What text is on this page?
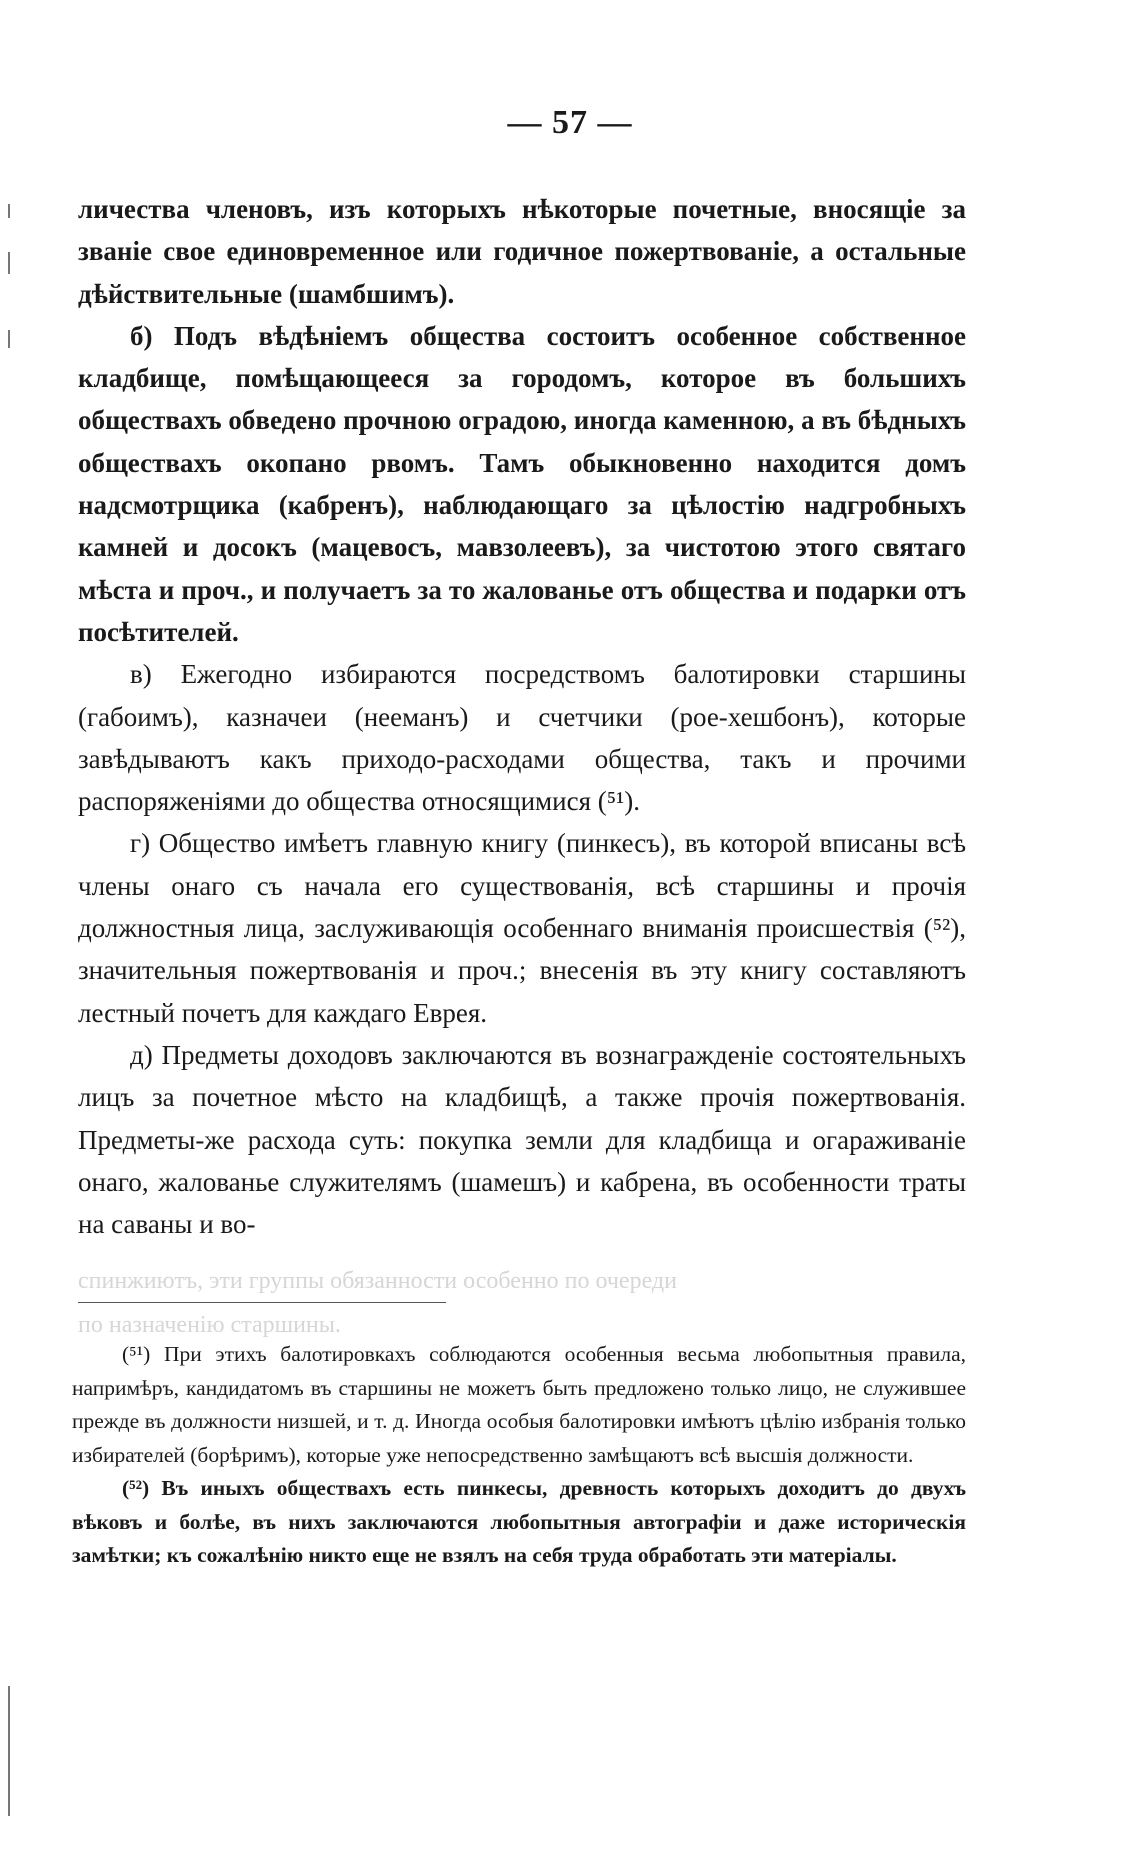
— 57 —

личества членовъ, изъ которыхъ нѣкоторые почетные, вносящіе за званіе свое единовременное или годичное пожертвованіе, а остальные дѣйствительные (шамбшимъ).

б) Подъ вѣдѣніемъ общества состоитъ особенное собственное кладбище, помѣщающееся за городомъ, которое въ большихъ обществахъ обведено прочною оградою, иногда каменною, а въ бѣдныхъ обществахъ окопано рвомъ. Тамъ обыкновенно находится домъ надсмотрщика (кабренъ), наблюдающаго за цѣлостію надгробныхъ камней и досокъ (мацевосъ, мавзолеевъ), за чистотою этого святаго мѣста и проч., и получаетъ за то жалованье отъ общества и подарки отъ посѣтителей.

в) Ежегодно избираются посредствомъ балотировки старшины (габоимъ), казначеи (нееманъ) и счетчики (рое-хешбонъ), которые завѣдываютъ какъ приходо-расходами общества, такъ и прочими распоряженіями до общества относящимися (⁵¹).

г) Общество имѣетъ главную книгу (пинкесъ), въ которой вписаны всѣ члены онаго съ начала его существованія, всѣ старшины и прочія должностныя лица, заслуживающія особеннаго вниманія происшествія (⁵²), значительныя пожертвованія и проч.; внесенія въ эту книгу составляютъ лестный почетъ для каждаго Еврея.

д) Предметы доходовъ заключаются въ вознагражденіе состоятельныхъ лицъ за почетное мѣсто на кладбищѣ, а также прочія пожертвованія. Предметы-же расхода суть: покупка земли для кладбища и огараживаніе онаго, жалованье служителямъ (шамешъ) и кабрена, въ особенности траты на саваны и во-

спинжиютъ, эти группы обязанности особенно по очереди
по назначенію старшины.

(⁵¹) При этихъ балотировкахъ соблюдаются особенныя весьма любопытныя правила, напримѣръ, кандидатомъ въ старшины не можетъ быть предложено только лицо, не служившее прежде въ должности низшей, и т. д. Иногда особыя балотировки имѣютъ цѣлію избранія только избирателей (борѣримъ), которые уже непосредственно замѣщаютъ всѣ высшія должности.

(⁵²) Въ иныхъ обществахъ есть пинкесы, древность которыхъ доходитъ до двухъ вѣковъ и болѣе, въ нихъ заключаются любопытныя автографіи и даже историческія замѣтки; къ сожалѣнію никто еще не взялъ на себя труда обработать эти матеріалы.
